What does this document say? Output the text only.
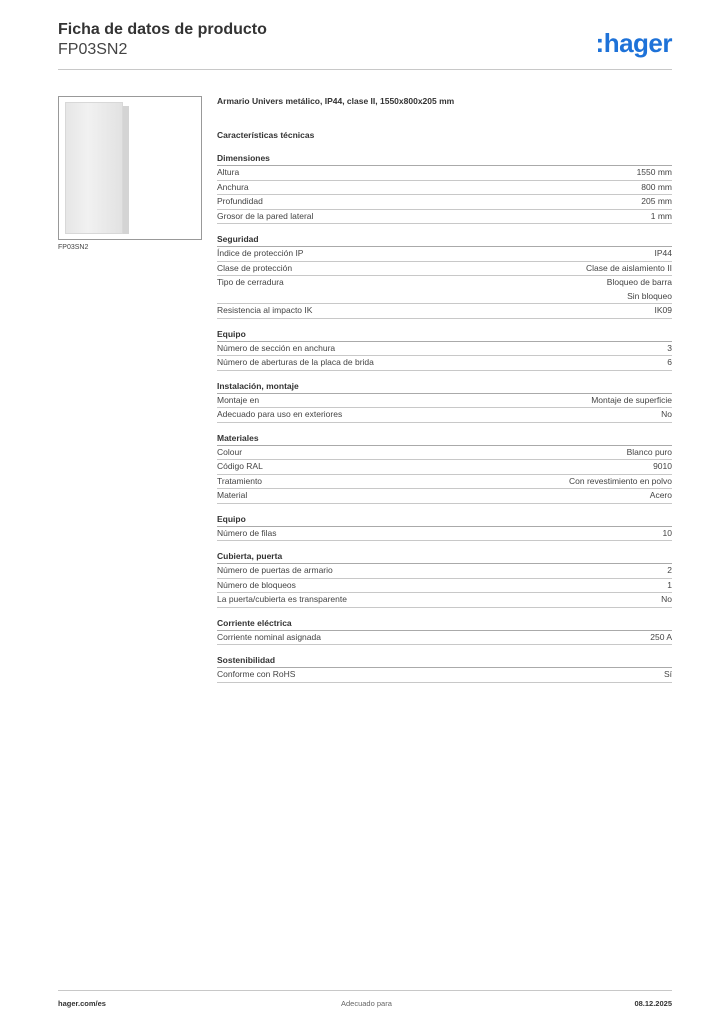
Ficha de datos de producto
FP03SN2	:hager
FP03SN2
Armario Univers metálico, IP44, clase II, 1550x800x205 mm
Características técnicas
Dimensiones
Altura	1550 mm
Anchura	800 mm
Profundidad	205 mm
Grosor de la pared lateral	1 mm
Seguridad
Índice de protección IP	IP44
Clase de protección	Clase de aislamiento II
Tipo de cerradura	Bloqueo de barra
Sin bloqueo
Resistencia al impacto IK	IK09
Equipo
Número de sección en anchura	3
Número de aberturas de la placa de brida	6
Instalación, montaje
Montaje en	Montaje de superficie
Adecuado para uso en exteriores	No
Materiales
Colour	Blanco puro
Código RAL	9010
Tratamiento	Con revestimiento en polvo
Material	Acero
Equipo
Número de filas	10
Cubierta, puerta
Número de puertas de armario	2
Número de bloqueos	1
La puerta/cubierta es transparente	No
Corriente eléctrica
Corriente nominal asignada	250 A
Sostenibilidad
Conforme con RoHS	Sí
hager.com/es	Adecuado para	08.12.2025
